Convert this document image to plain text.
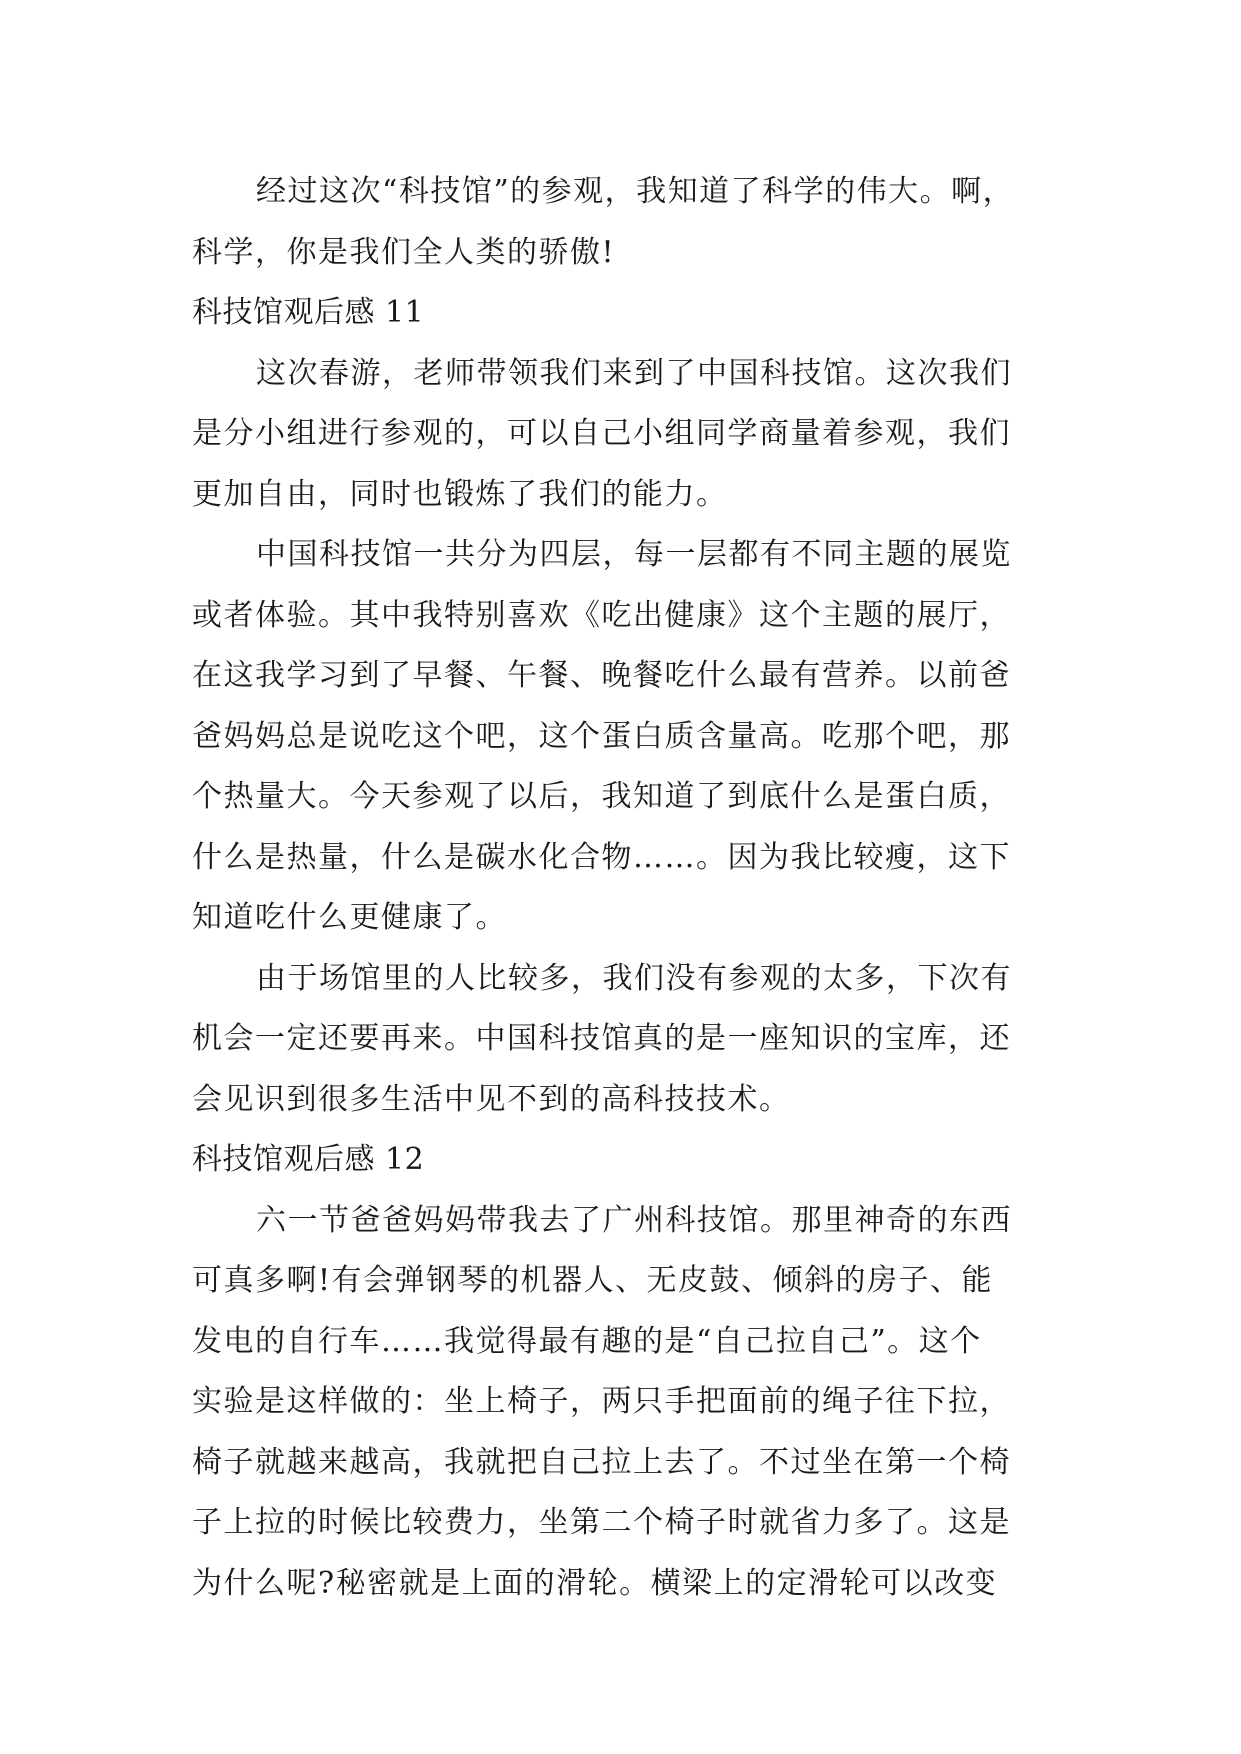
经过这次“科技馆”的参观，我知道了科学的伟大。啊，
科学，你是我们全人类的骄傲!
科技馆观后感 11
这次春游，老师带领我们来到了中国科技馆。这次我们
是分小组进行参观的，可以自己小组同学商量着参观，我们
更加自由，同时也锻炼了我们的能力。
中国科技馆一共分为四层，每一层都有不同主题的展览
或者体验。其中我特别喜欢《吃出健康》这个主题的展厅，
在这我学习到了早餐、午餐、晚餐吃什么最有营养。以前爸
爸妈妈总是说吃这个吧，这个蛋白质含量高。吃那个吧，那
个热量大。今天参观了以后，我知道了到底什么是蛋白质，
什么是热量，什么是碳水化合物……。因为我比较瘦，这下
知道吃什么更健康了。
由于场馆里的人比较多，我们没有参观的太多，下次有
机会一定还要再来。中国科技馆真的是一座知识的宝库，还
会见识到很多生活中见不到的高科技技术。
科技馆观后感 12
六一节爸爸妈妈带我去了广州科技馆。那里神奇的东西
可真多啊!有会弹钢琴的机器人、无皮鼓、倾斜的房子、能
发电的自行车……我觉得最有趣的是“自己拉自己”。这个
实验是这样做的：坐上椅子，两只手把面前的绳子往下拉，
椅子就越来越高，我就把自己拉上去了。不过坐在第一个椅
子上拉的时候比较费力，坐第二个椅子时就省力多了。这是
为什么呢?秘密就是上面的滑轮。横梁上的定滑轮可以改变
